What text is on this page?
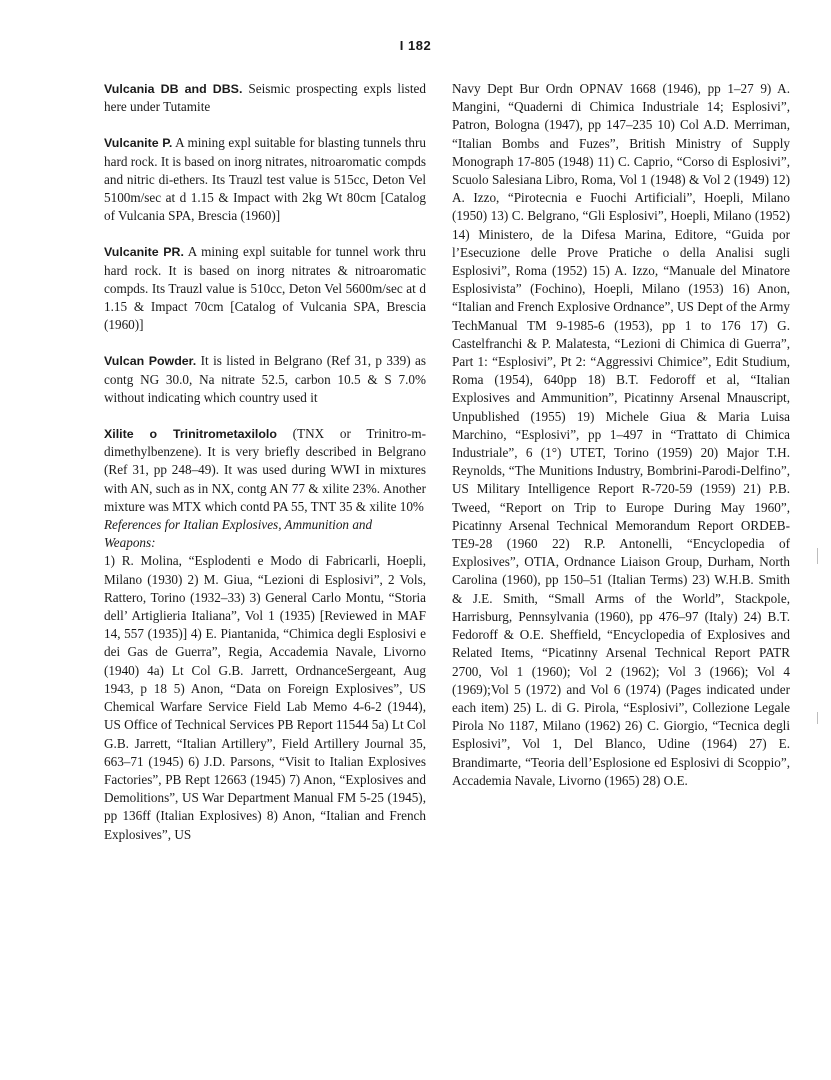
I 182

Vulcania DB and DBS. Seismic prospecting expls listed here under Tutamite

Vulcanite P. A mining expl suitable for blasting tunnels thru hard rock. It is based on inorg nitrates, nitroaromatic compds and nitric di-ethers. Its Trauzl test value is 515cc, Deton Vel 5100m/sec at d 1.15 & Impact with 2kg Wt 80cm [Catalog of Vulcania SPA, Brescia (1960)]

Vulcanite PR. A mining expl suitable for tunnel work thru hard rock. It is based on inorg nitrates & nitroaromatic compds. Its Trauzl value is 510cc, Deton Vel 5600m/sec at d 1.15 & Impact 70cm [Catalog of Vulcania SPA, Brescia (1960)]

Vulcan Powder. It is listed in Belgrano (Ref 31, p 339) as contg NG 30.0, Na nitrate 52.5, carbon 10.5 & S 7.0% without indicating which country used it

Xilite o Trinitrometaxilolo (TNX or Trinitro-m-dimethylbenzene). It is very briefly described in Belgrano (Ref 31, pp 248–49). It was used during WWI in mixtures with AN, such as in NX, contg AN 77 & xilite 23%. Another mixture was MTX which contd PA 55, TNT 35 & xilite 10%

References for Italian Explosives, Ammunition and Weapons:

1) R. Molina, “Esplodenti e Modo di Fabricarli, Hoepli, Milano (1930) 2) M. Giua, “Lezioni di Esplosivi”, 2 Vols, Rattero, Torino (1932–33) 3) General Carlo Montu, “Storia dell’ Artiglieria Italiana”, Vol 1 (1935) [Reviewed in MAF 14, 557 (1935)] 4) E. Piantanida, “Chimica degli Esplosivi e dei Gas de Guerra”, Regia, Accademia Navale, Livorno (1940) 4a) Lt Col G.B. Jarrett, OrdnanceSergeant, Aug 1943, p 18 5) Anon, “Data on Foreign Explosives”, US Chemical Warfare Service Field Lab Memo 4-6-2 (1944), US Office of Technical Services PB Report 11544 5a) Lt Col G.B. Jarrett, “Italian Artillery”, Field Artillery Journal 35, 663–71 (1945) 6) J.D. Parsons, “Visit to Italian Explosives Factories”, PB Rept 12663 (1945) 7) Anon, “Explosives and Demolitions”, US War Department Manual FM 5-25 (1945), pp 136ff (Italian Explosives) 8) Anon, “Italian and French Explosives”, US

Navy Dept Bur Ordn OPNAV 1668 (1946), pp 1–27 9) A. Mangini, “Quaderni di Chimica Industriale 14; Esplosivi”, Patron, Bologna (1947), pp 147–235 10) Col A.D. Merriman, “Italian Bombs and Fuzes”, British Ministry of Supply Monograph 17-805 (1948) 11) C. Caprio, “Corso di Esplosivi”, Scuolo Salesiana Libro, Roma, Vol 1 (1948) & Vol 2 (1949) 12) A. Izzo, “Pirotecnia e Fuochi Artificiali”, Hoepli, Milano (1950) 13) C. Belgrano, “Gli Esplosivi”, Hoepli, Milano (1952) 14) Ministero, de la Difesa Marina, Editore, “Guida por l’Esecuzione delle Prove Pratiche o della Analisi sugli Esplosivi”, Roma (1952) 15) A. Izzo, “Manuale del Minatore Esplosivista” (Fochino), Hoepli, Milano (1953) 16) Anon, “Italian and French Explosive Ordnance”, US Dept of the Army TechManual TM 9-1985-6 (1953), pp 1 to 176 17) G. Castelfranchi & P. Malatesta, “Lezioni di Chimica di Guerra”, Part 1: “Esplosivi”, Pt 2: “Aggressivi Chimice”, Edit Studium, Roma (1954), 640pp 18) B.T. Fedoroff et al, “Italian Explosives and Ammunition”, Picatinny Arsenal Mnauscript, Unpublished (1955) 19) Michele Giua & Maria Luisa Marchino, “Esplosivi”, pp 1–497 in “Trattato di Chimica Industriale”, 6 (1°) UTET, Torino (1959) 20) Major T.H. Reynolds, “The Munitions Industry, Bombrini-Parodi-Delfino”, US Military Intelligence Report R-720-59 (1959) 21) P.B. Tweed, “Report on Trip to Europe During May 1960”, Picatinny Arsenal Technical Memorandum Report ORDEB-TE9-28 (1960 22) R.P. Antonelli, “Encyclopedia of Explosives”, OTIA, Ordnance Liaison Group, Durham, North Carolina (1960), pp 150–51 (Italian Terms) 23) W.H.B. Smith & J.E. Smith, “Small Arms of the World”, Stackpole, Harrisburg, Pennsylvania (1960), pp 476–97 (Italy) 24) B.T. Fedoroff & O.E. Sheffield, “Encyclopedia of Explosives and Related Items, “Picatinny Arsenal Technical Report PATR 2700, Vol 1 (1960); Vol 2 (1962); Vol 3 (1966); Vol 4 (1969);Vol 5 (1972) and Vol 6 (1974) (Pages indicated under each item) 25) L. di G. Pirola, “Esplosivi”, Collezione Legale Pirola No 1187, Milano (1962) 26) C. Giorgio, “Tecnica degli Esplosivi”, Vol 1, Del Blanco, Udine (1964) 27) E. Brandimarte, “Teoria dell’Esplosione ed Esplosivi di Scoppio”, Accademia Navale, Livorno (1965) 28) O.E.
